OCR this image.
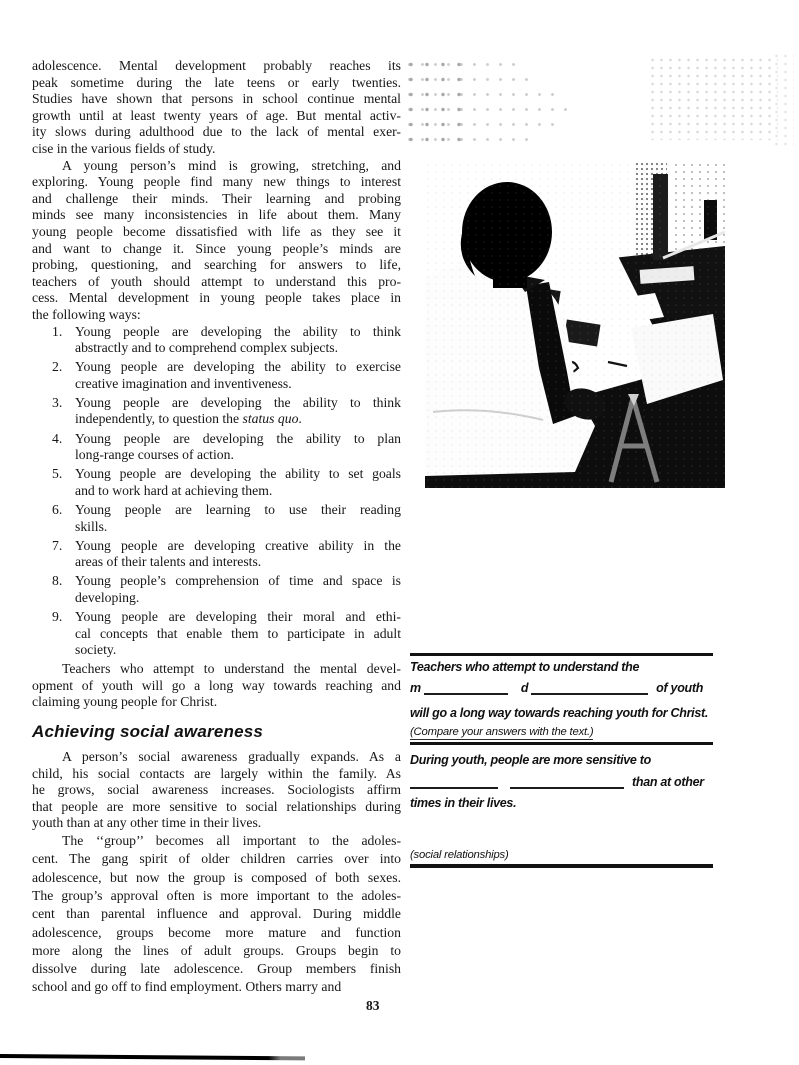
adolescence. Mental development probably reaches its
peak sometime during the late teens or early twenties.
Studies have shown that persons in school continue mental
growth until at least twenty years of age. But mental activ-
ity slows during adulthood due to the lack of mental exer-
cise in the various fields of study.
A young person’s mind is growing, stretching, and
exploring. Young people find many new things to interest
and challenge their minds. Their learning and probing
minds see many inconsistencies in life about them. Many
young people become dissatisfied with life as they see it
and want to change it. Since young people’s minds are
probing, questioning, and searching for answers to life,
teachers of youth should attempt to understand this pro-
cess. Mental development in young people takes place in
the following ways:
1. Young people are developing the ability to think
abstractly and to comprehend complex subjects.
2. Young people are developing the ability to exercise
creative imagination and inventiveness.
3. Young people are developing the ability to think
independently, to question the status quo.
4. Young people are developing the ability to plan
long-range courses of action.
5. Young people are developing the ability to set goals
and to work hard at achieving them.
6. Young people are learning to use their reading
skills.
7. Young people are developing creative ability in the
areas of their talents and interests.
8. Young people’s comprehension of time and space is
developing.
9. Young people are developing their moral and ethi-
cal concepts that enable them to participate in adult
society.
Teachers who attempt to understand the mental devel-
opment of youth will go a long way towards reaching and
claiming young people for Christ.
Achieving social awareness
A person’s social awareness gradually expands. As a
child, his social contacts are largely within the family. As
he grows, social awareness increases. Sociologists affirm
that people are more sensitive to social relationships during
youth than at any other time in their lives.
The ‘‘group’’ becomes all important to the adoles-
cent. The gang spirit of older children carries over into
adolescence, but now the group is composed of both sexes.
The group’s approval often is more important to the adoles-
cent than parental influence and approval. During middle
adolescence, groups become more mature and function
more along the lines of adult groups. Groups begin to
dissolve during late adolescence. Group members finish
school and go off to find employment. Others marry and
Teachers who attempt to understand the
m	d	of youth
will go a long way towards reaching youth for Christ.
(Compare your answers with the text.)
During youth, people are more sensitive to
than at other
times in their lives.
(social relationships)
83
